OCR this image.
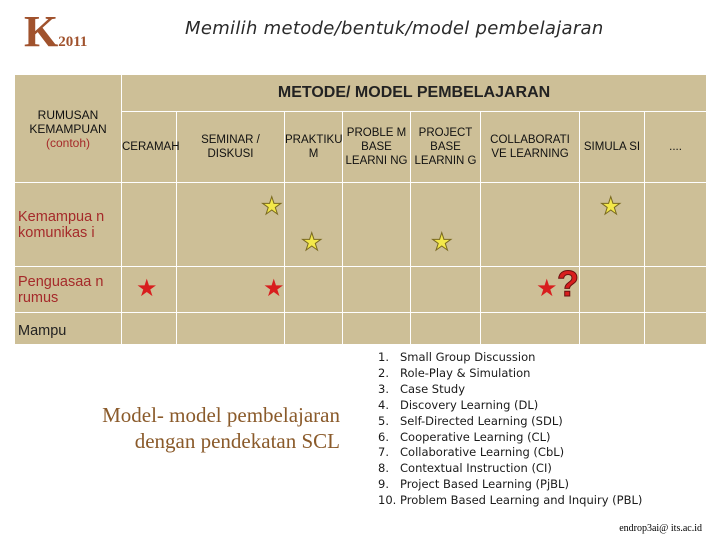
K2011
Memilih metode/bentuk/model pembelajaran
RUMUSAN
KEMAMPUAN
(contoh)	METODE/ MODEL PEMBELAJARAN							
	CERAMAH	SEMINAR / DISKUSI	PRAKTIKU M	PROBLE M BASE LEARNI NG	PROJECT BASE LEARNIN G	COLLABORATI VE LEARNING	SIMULA SI	....
Kemampua n komunikas i		★	★		★		★	

Penguasaa n rumus	★	★				★ ?		

Mampu								
Model- model pembelajaran
dengan pendekatan SCL
1. Small Group Discussion
2. Role-Play & Simulation
3. Case Study
4. Discovery Learning (DL)
5. Self-Directed Learning (SDL)
6. Cooperative Learning (CL)
7. Collaborative Learning (CbL)
8. Contextual Instruction (CI)
9. Project Based Learning (PjBL)
10. Problem Based Learning and Inquiry (PBL)
endrop3ai@ its.ac.id
